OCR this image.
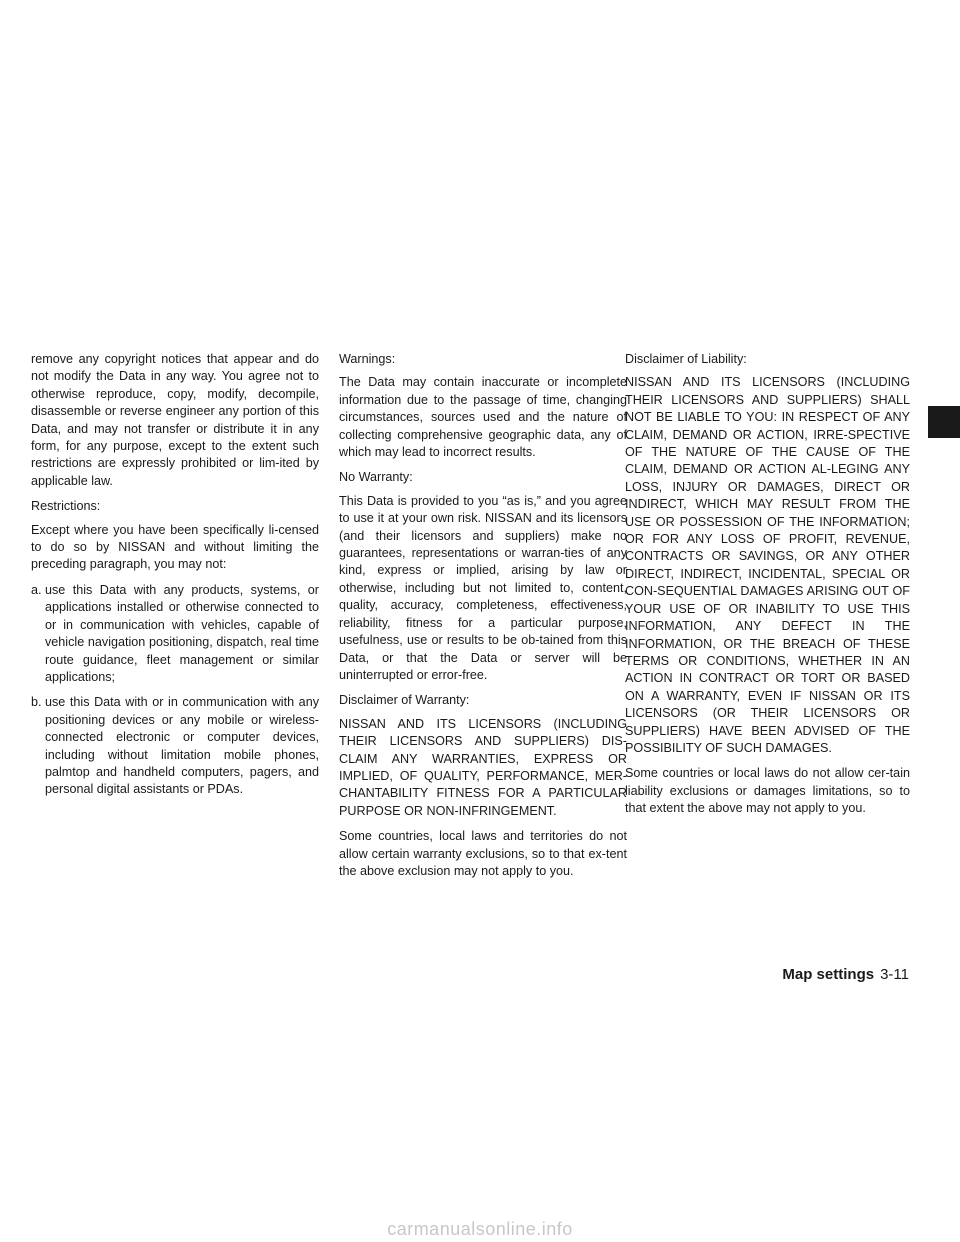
remove any copyright notices that appear and do not modify the Data in any way. You agree not to otherwise reproduce, copy, modify, decompile, disassemble or reverse engineer any portion of this Data, and may not transfer or distribute it in any form, for any purpose, except to the extent such restrictions are expressly prohibited or lim-ited by applicable law.

Restrictions:

Except where you have been specifically li-censed to do so by NISSAN and without limiting the preceding paragraph, you may not:

a. use this Data with any products, systems, or applications installed or otherwise connected to or in communication with vehicles, capable of vehicle navigation positioning, dispatch, real time route guidance, fleet management or similar applications;
b. use this Data with or in communication with any positioning devices or any mobile or wireless-connected electronic or computer devices, including without limitation mobile phones, palmtop and handheld computers, pagers, and personal digital assistants or PDAs.

Warnings:

The Data may contain inaccurate or incomplete information due to the passage of time, changing circumstances, sources used and the nature of collecting comprehensive geographic data, any of which may lead to incorrect results.

No Warranty:

This Data is provided to you “as is,” and you agree to use it at your own risk. NISSAN and its licensors (and their licensors and suppliers) make no guarantees, representations or warran-ties of any kind, express or implied, arising by law or otherwise, including but not limited to, content, quality, accuracy, completeness, effectiveness, reliability, fitness for a particular purpose, usefulness, use or results to be ob-tained from this Data, or that the Data or server will be uninterrupted or error-free.

Disclaimer of Warranty:

NISSAN AND ITS LICENSORS (INCLUDING THEIR LICENSORS AND SUPPLIERS) DIS-CLAIM ANY WARRANTIES, EXPRESS OR IMPLIED, OF QUALITY, PERFORMANCE, MER-CHANTABILITY FITNESS FOR A PARTICULAR PURPOSE OR NON-INFRINGEMENT.

Some countries, local laws and territories do not allow certain warranty exclusions, so to that ex-tent the above exclusion may not apply to you.

Disclaimer of Liability:

NISSAN AND ITS LICENSORS (INCLUDING THEIR LICENSORS AND SUPPLIERS) SHALL NOT BE LIABLE TO YOU: IN RESPECT OF ANY CLAIM, DEMAND OR ACTION, IRRE-SPECTIVE OF THE NATURE OF THE CAUSE OF THE CLAIM, DEMAND OR ACTION AL-LEGING ANY LOSS, INJURY OR DAMAGES, DIRECT OR INDIRECT, WHICH MAY RESULT FROM THE USE OR POSSESSION OF THE INFORMATION; OR FOR ANY LOSS OF PROFIT, REVENUE, CONTRACTS OR SAVINGS, OR ANY OTHER DIRECT, INDIRECT, INCIDENTAL, SPECIAL OR CON-SEQUENTIAL DAMAGES ARISING OUT OF YOUR USE OF OR INABILITY TO USE THIS INFORMATION, ANY DEFECT IN THE INFORMATION, OR THE BREACH OF THESE TERMS OR CONDITIONS, WHETHER IN AN ACTION IN CONTRACT OR TORT OR BASED ON A WARRANTY, EVEN IF NISSAN OR ITS LICENSORS (OR THEIR LICENSORS OR SUPPLIERS) HAVE BEEN ADVISED OF THE POSSIBILITY OF SUCH DAMAGES.

Some countries or local laws do not allow cer-tain liability exclusions or damages limitations, so to that extent the above may not apply to you.

Map settings 3-11
carmanualsonline.info
